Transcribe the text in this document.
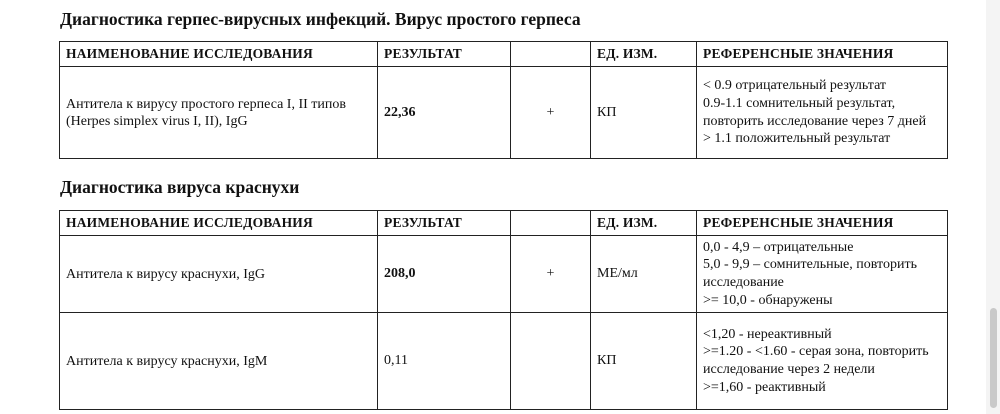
Диагностика герпес-вирусных инфекций. Вирус простого герпеса
НАИМЕНОВАНИЕ ИССЛЕДОВАНИЯ	РЕЗУЛЬТАТ		ЕД. ИЗМ.	РЕФЕРЕНСНЫЕ ЗНАЧЕНИЯ
Антитела к вирусу простого герпеса I, II типов (Herpes simplex virus I, II), IgG	22,36	+	КП	< 0.9 отрицательный результат
0.9-1.1 сомнительный результат, повторить исследование через 7 дней
> 1.1 положительный результат
Диагностика вируса краснухи
НАИМЕНОВАНИЕ ИССЛЕДОВАНИЯ	РЕЗУЛЬТАТ		ЕД. ИЗМ.	РЕФЕРЕНСНЫЕ ЗНАЧЕНИЯ
Антитела к вирусу краснухи, IgG	208,0	+	МЕ/мл	0,0 - 4,9 – отрицательные
5,0 - 9,9 – сомнительные, повторить исследование
>= 10,0 - обнаружены
Антитела к вирусу краснухи, IgM	0,11		КП	<1,20 - нереактивный
>=1.20 - <1.60 - серая зона, повторить исследование через 2 недели
>=1,60 - реактивный
